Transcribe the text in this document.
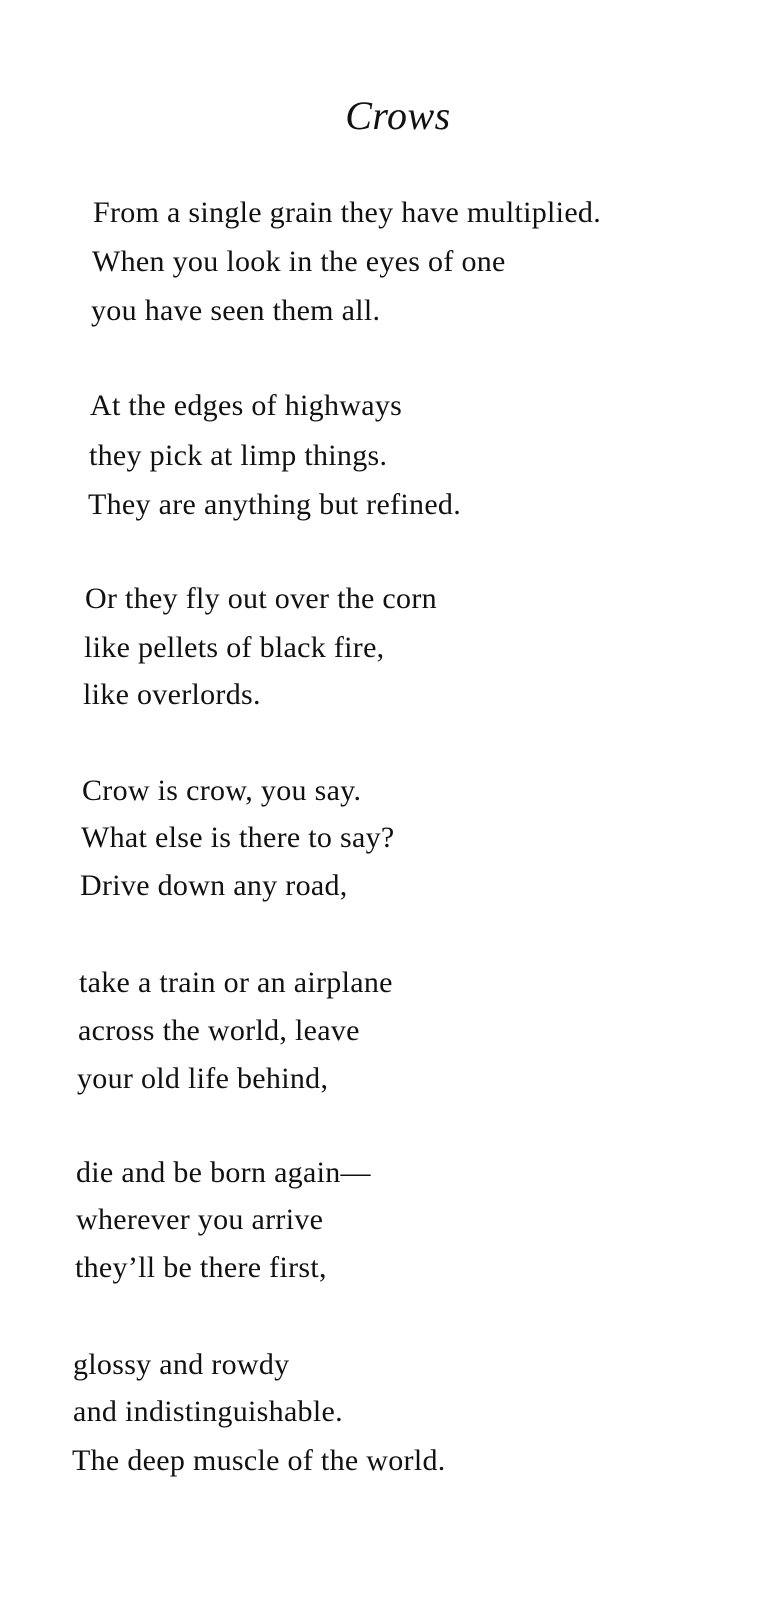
Crows

From a single grain they have multiplied.

When you look in the eyes of one

you have seen them all.

At the edges of highways

they pick at limp things.

They are anything but refined.

Or they fly out over the corn

like pellets of black fire,

like overlords.

Crow is crow, you say.

What else is there to say?

Drive down any road,

take a train or an airplane

across the world, leave

your old life behind,

die and be born again—

wherever you arrive

they’ll be there first,

glossy and rowdy

and indistinguishable.

The deep muscle of the world.
